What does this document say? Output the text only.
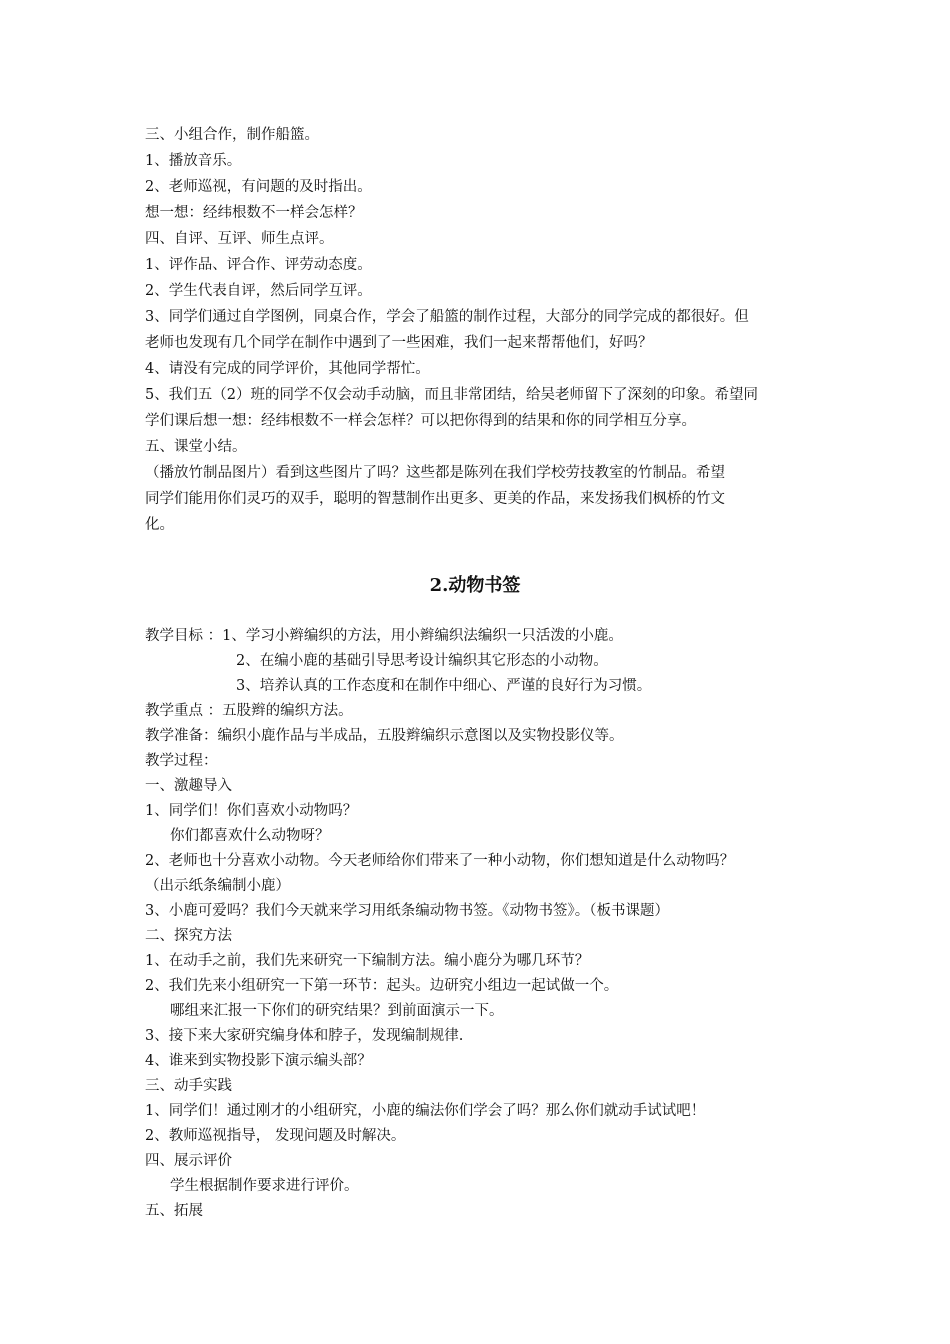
三、小组合作，制作船篮。
1、播放音乐。
2、老师巡视，有问题的及时指出。
想一想：经纬根数不一样会怎样？
四、自评、互评、师生点评。
1、评作品、评合作、评劳动态度。
2、学生代表自评，然后同学互评。
3、同学们通过自学图例，同桌合作，学会了船篮的制作过程，大部分的同学完成的都很好。但
老师也发现有几个同学在制作中遇到了一些困难，我们一起来帮帮他们，好吗？
4、请没有完成的同学评价，其他同学帮忙。
5、我们五（2）班的同学不仅会动手动脑，而且非常团结，给吴老师留下了深刻的印象。希望同
学们课后想一想：经纬根数不一样会怎样？可以把你得到的结果和你的同学相互分享。
五、课堂小结。
（播放竹制品图片）看到这些图片了吗？这些都是陈列在我们学校劳技教室的竹制品。希望
同学们能用你们灵巧的双手，聪明的智慧制作出更多、更美的作品，来发扬我们枫桥的竹文
化。
2.动物书签
教学目标 ：1、学习小辫编织的方法，用小辫编织法编织一只活泼的小鹿。
2、在编小鹿的基础引导思考设计编织其它形态的小动物。
3、培养认真的工作态度和在制作中细心、严谨的良好行为习惯。
教学重点 ：五股辫的编织方法。
教学准备：编织小鹿作品与半成品，五股辫编织示意图以及实物投影仪等。
教学过程：
一、激趣导入
1、同学们！你们喜欢小动物吗？
你们都喜欢什么动物呀？
2、老师也十分喜欢小动物。今天老师给你们带来了一种小动物，你们想知道是什么动物吗？
（出示纸条编制小鹿）
3、小鹿可爱吗？我们今天就来学习用纸条编动物书签。《动物书签》。（板书课题）
二、探究方法
1、在动手之前，我们先来研究一下编制方法。编小鹿分为哪几环节？
2、我们先来小组研究一下第一环节：起头。边研究小组边一起试做一个。
哪组来汇报一下你们的研究结果？到前面演示一下。
3、接下来大家研究编身体和脖子，发现编制规律.
4、谁来到实物投影下演示编头部？
三、动手实践
1、同学们！通过刚才的小组研究，小鹿的编法你们学会了吗？那么你们就动手试试吧！
2、教师巡视指导， 发现问题及时解决。
四、展示评价
学生根据制作要求进行评价。
五、拓展
